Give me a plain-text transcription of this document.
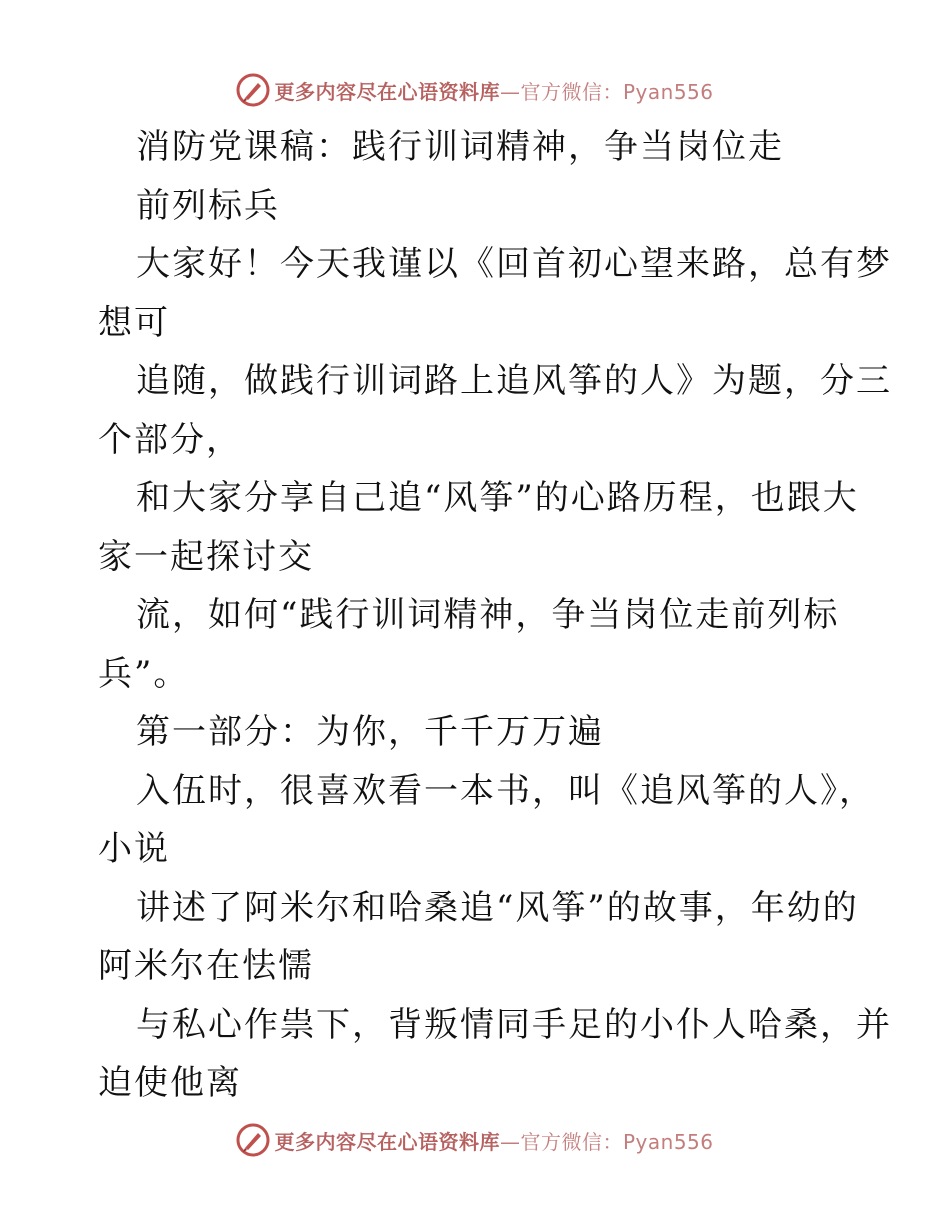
更多内容尽在心语资料库—官方微信：Pyan556

消防党课稿：践行训词精神，争当岗位走

前列标兵

大家好！今天我谨以《回首初心望来路，总有梦

想可

追随，做践行训词路上追风筝的人》为题，分三

个部分，

和大家分享自己追“风筝”的心路历程，也跟大

家一起探讨交

流，如何“践行训词精神，争当岗位走前列标

兵”。

第一部分：为你，千千万万遍

入伍时，很喜欢看一本书，叫《追风筝的人》，

小说

讲述了阿米尔和哈桑追“风筝”的故事，年幼的

阿米尔在怯懦

与私心作祟下，背叛情同手足的小仆人哈桑，并

迫使他离

更多内容尽在心语资料库—官方微信：Pyan556
